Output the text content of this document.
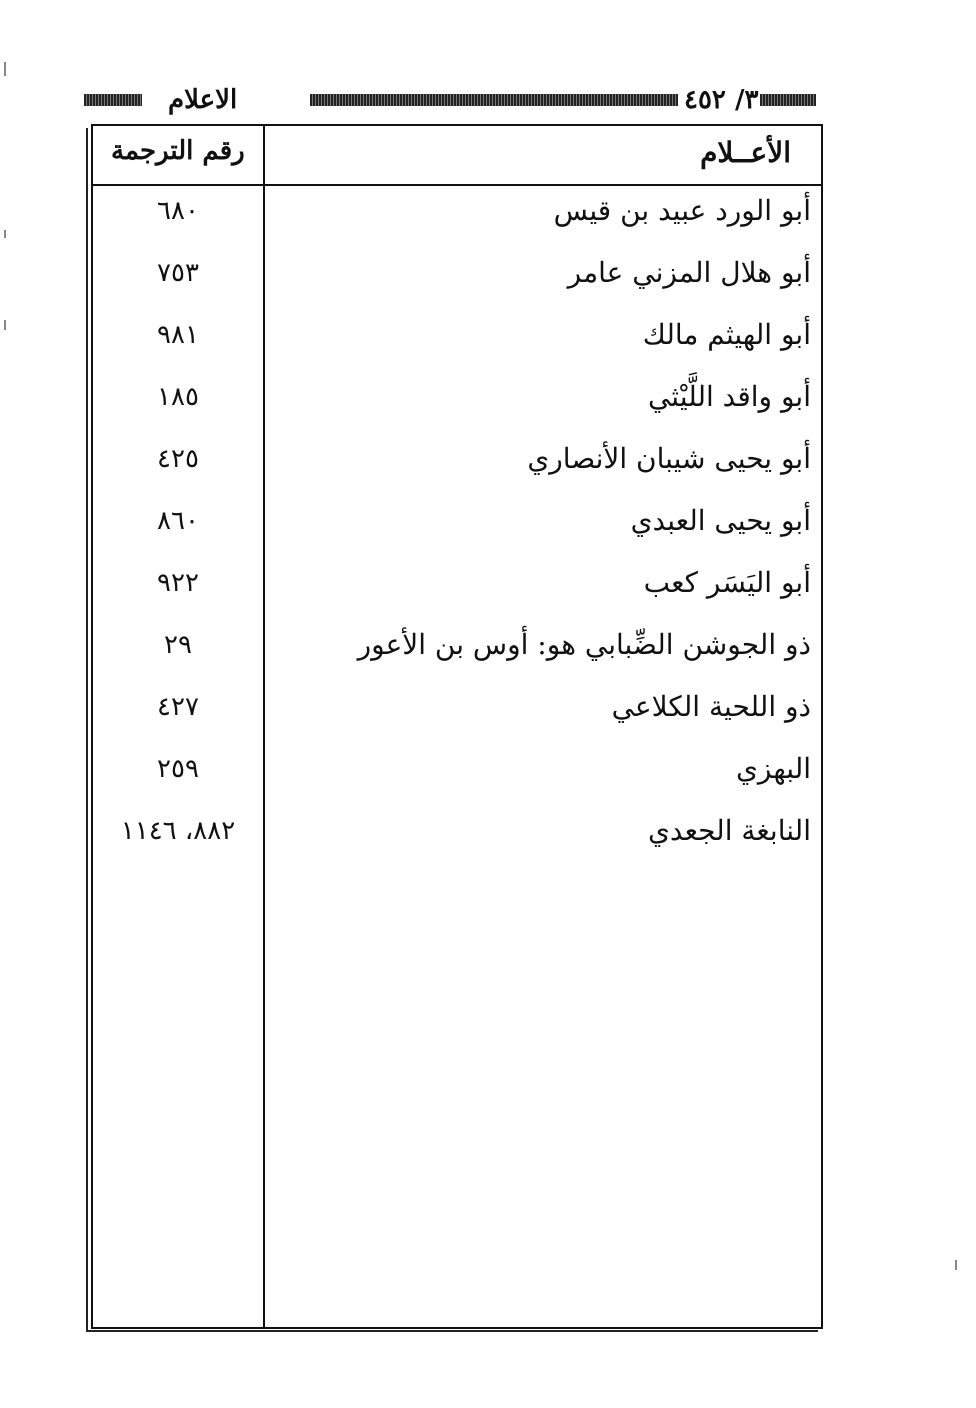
الاعلام	٣/ ٤٥٢
الأعــلام
رقم الترجمة
أبو الورد عبيد بن قيس
٦٨٠
أبو هلال المزني عامر
٧٥٣
أبو الهيثم مالك
٩٨١
أبو واقد اللَّيْثي
١٨٥
أبو يحيى شيبان الأنصاري
٤٢٥
أبو يحيى العبدي
٨٦٠
أبو اليَسَر كعب
٩٢٢
ذو الجوشن الضِّبابي هو: أوس بن الأعور
٢٩
ذو اللحية الكلاعي
٤٢٧
البهزي
٢٥٩
النابغة الجعدي
٨٨٢، ١١٤٦
